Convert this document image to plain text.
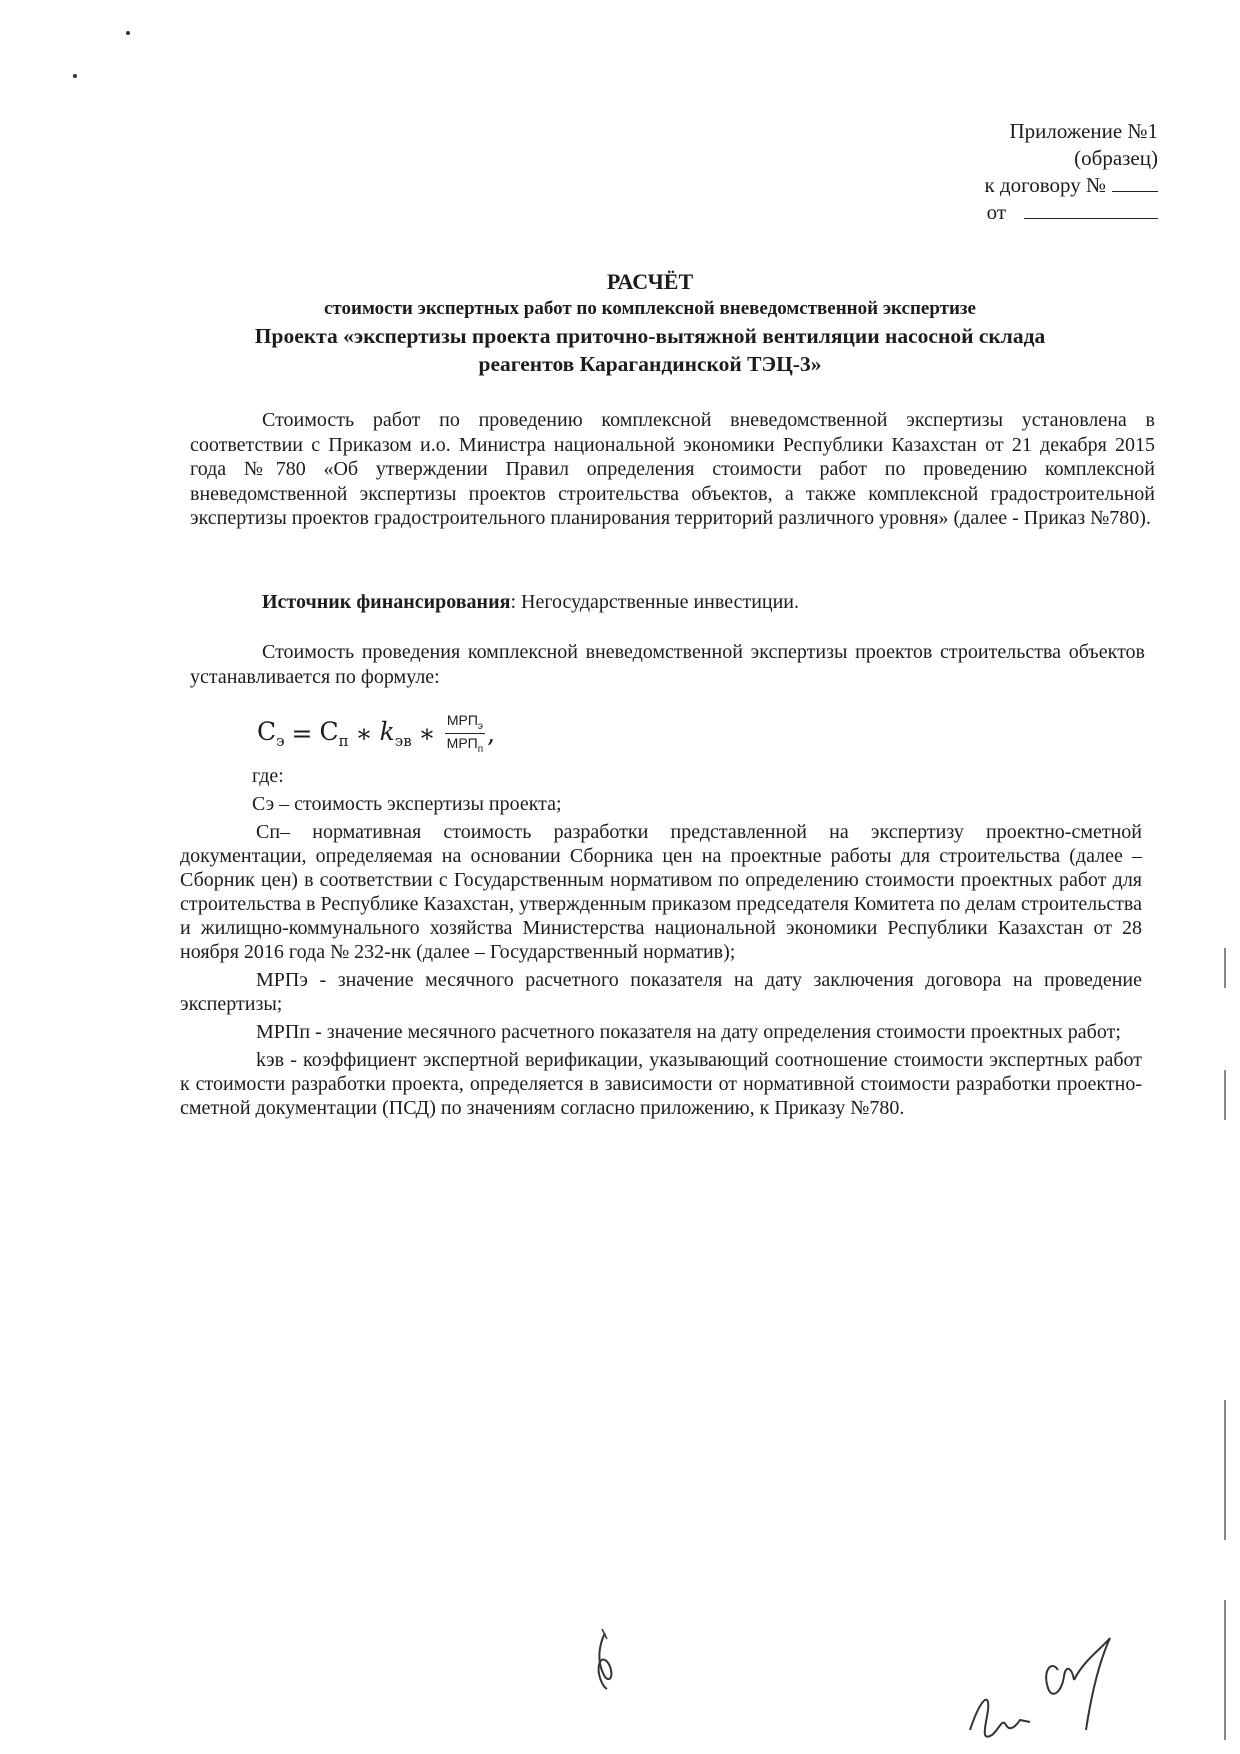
Приложение №1
(образец)
к договору №
от
РАСЧЁТ
стоимости экспертных работ по комплексной вневедомственной экспертизе
Проекта «экспертизы проекта приточно-вытяжной вентиляции насосной склада
реагентов Карагандинской ТЭЦ-3»
Стоимость работ по проведению комплексной вневедомственной экспертизы установлена в соответствии с Приказом и.о. Министра национальной экономики Республики Казахстан от 21 декабря 2015 года №780 «Об утверждении Правил определения стоимости работ по проведению комплексной вневедомственной экспертизы проектов строительства объектов, а также комплексной градостроительной экспертизы проектов градостроительного планирования территорий различного уровня» (далее - Приказ №780).
Источник финансирования: Негосударственные инвестиции.
Стоимость проведения комплексной вневедомственной экспертизы проектов строительства объектов устанавливается по формуле:
$С_э = С_п$ ∗ $k_{эв}$ ∗ $\frac{МРП_э}{МРП_п}$ ,

где:

Сэ – стоимость экспертизы проекта;

Сп– нормативная стоимость разработки представленной на экспертизу проектно-сметной документации, определяемая на основании Сборника цен на проектные работы для строительства (далее – Сборник цен) в соответствии с Государственным нормативом по определению стоимости проектных работ для строительства в Республике Казахстан, утвержденным приказом председателя Комитета по делам строительства и жилищно-коммунального хозяйства Министерства национальной экономики Республики Казахстан от 28 ноября 2016 года № 232-нк (далее – Государственный норматив);

МРПэ - значение месячного расчетного показателя на дату заключения договора на проведение экспертизы;

МРПп - значение месячного расчетного показателя на дату определения стоимости проектных работ;

kэв - коэффициент экспертной верификации, указывающий соотношение стоимости экспертных работ к стоимости разработки проекта, определяется в зависимости от нормативной стоимости разработки проектно-сметной документации (ПСД) по значениям согласно приложению, к Приказу №780.
